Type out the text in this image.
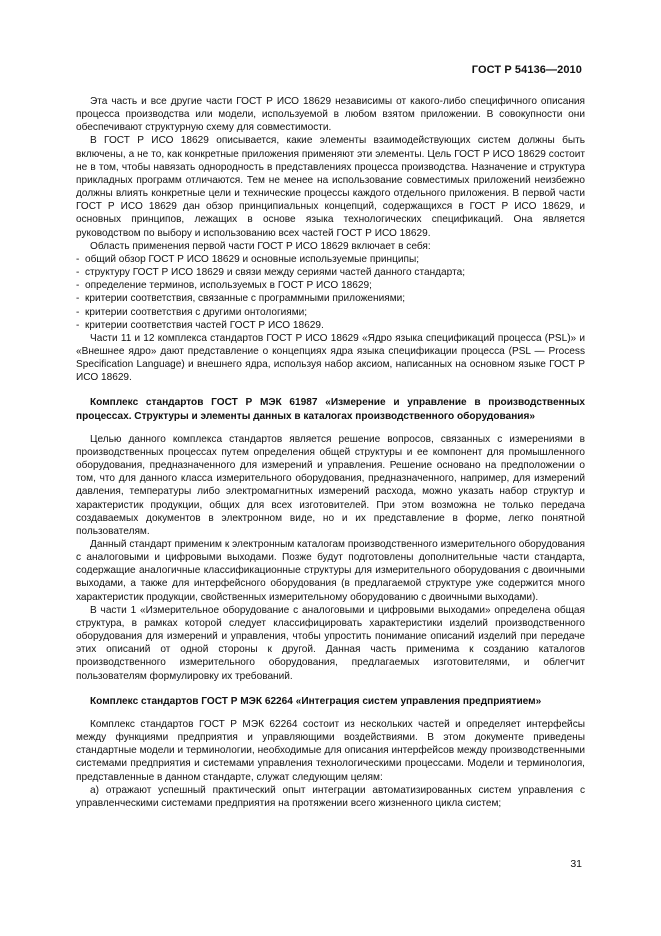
ГОСТ Р 54136—2010

Эта часть и все другие части ГОСТ Р ИСО 18629 независимы от какого-либо специфичного описания процесса производства или модели, используемой в любом взятом приложении. В совокупности они обеспечивают структурную схему для совместимости.

В ГОСТ Р ИСО 18629 описывается, какие элементы взаимодействующих систем должны быть включены, а не то, как конкретные приложения применяют эти элементы. Цель ГОСТ Р ИСО 18629 состоит не в том, чтобы навязать однородность в представлениях процесса производства. Назначение и структура прикладных программ отличаются. Тем не менее на использование совместимых приложений неизбежно должны влиять конкретные цели и технические процессы каждого отдельного приложения. В первой части ГОСТ Р ИСО 18629 дан обзор принципиальных концепций, содержащихся в ГОСТ Р ИСО 18629, и основных принципов, лежащих в основе языка технологических спецификаций. Она является руководством по выбору и использованию всех частей ГОСТ Р ИСО 18629.

Область применения первой части ГОСТ Р ИСО 18629 включает в себя:

- общий обзор ГОСТ Р ИСО 18629 и основные используемые принципы;
- структуру ГОСТ Р ИСО 18629 и связи между сериями частей данного стандарта;
- определение терминов, используемых в ГОСТ Р ИСО 18629;
- критерии соответствия, связанные с программными приложениями;
- критерии соответствия с другими онтологиями;
- критерии соответствия частей ГОСТ Р ИСО 18629.

Части 11 и 12 комплекса стандартов ГОСТ Р ИСО 18629 «Ядро языка спецификаций процесса (PSL)» и «Внешнее ядро» дают представление о концепциях ядра языка спецификации процесса (PSL — Process Specification Language) и внешнего ядра, используя набор аксиом, написанных на основном языке ГОСТ Р ИСО 18629.

Комплекс стандартов ГОСТ Р МЭК 61987 «Измерение и управление в производственных процессах. Структуры и элементы данных в каталогах производственного оборудования»

Целью данного комплекса стандартов является решение вопросов, связанных с измерениями в производственных процессах путем определения общей структуры и ее компонент для промышленного оборудования, предназначенного для измерений и управления. Решение основано на предположении о том, что для данного класса измерительного оборудования, предназначенного, например, для измерений давления, температуры либо электромагнитных измерений расхода, можно указать набор структур и характеристик продукции, общих для всех изготовителей. При этом возможна не только передача создаваемых документов в электронном виде, но и их представление в форме, легко понятной пользователям.

Данный стандарт применим к электронным каталогам производственного измерительного оборудования с аналоговыми и цифровыми выходами. Позже будут подготовлены дополнительные части стандарта, содержащие аналогичные классификационные структуры для измерительного оборудования с двоичными выходами, а также для интерфейсного оборудования (в предлагаемой структуре уже содержится много характеристик продукции, свойственных измерительному оборудованию с двоичными выходами).

В части 1 «Измерительное оборудование с аналоговыми и цифровыми выходами» определена общая структура, в рамках которой следует классифицировать характеристики изделий производственного оборудования для измерений и управления, чтобы упростить понимание описаний изделий при передаче этих описаний от одной стороны к другой. Данная часть применима к созданию каталогов производственного измерительного оборудования, предлагаемых изготовителями, и облегчит пользователям формулировку их требований.

Комплекс стандартов ГОСТ Р МЭК 62264 «Интеграция систем управления предприятием»

Комплекс стандартов ГОСТ Р МЭК 62264 состоит из нескольких частей и определяет интерфейсы между функциями предприятия и управляющими воздействиями. В этом документе приведены стандартные модели и терминологии, необходимые для описания интерфейсов между производственными системами предприятия и системами управления технологическими процессами. Модели и терминология, представленные в данном стандарте, служат следующим целям:

а) отражают успешный практический опыт интеграции автоматизированных систем управления с управленческими системами предприятия на протяжении всего жизненного цикла систем;

31
